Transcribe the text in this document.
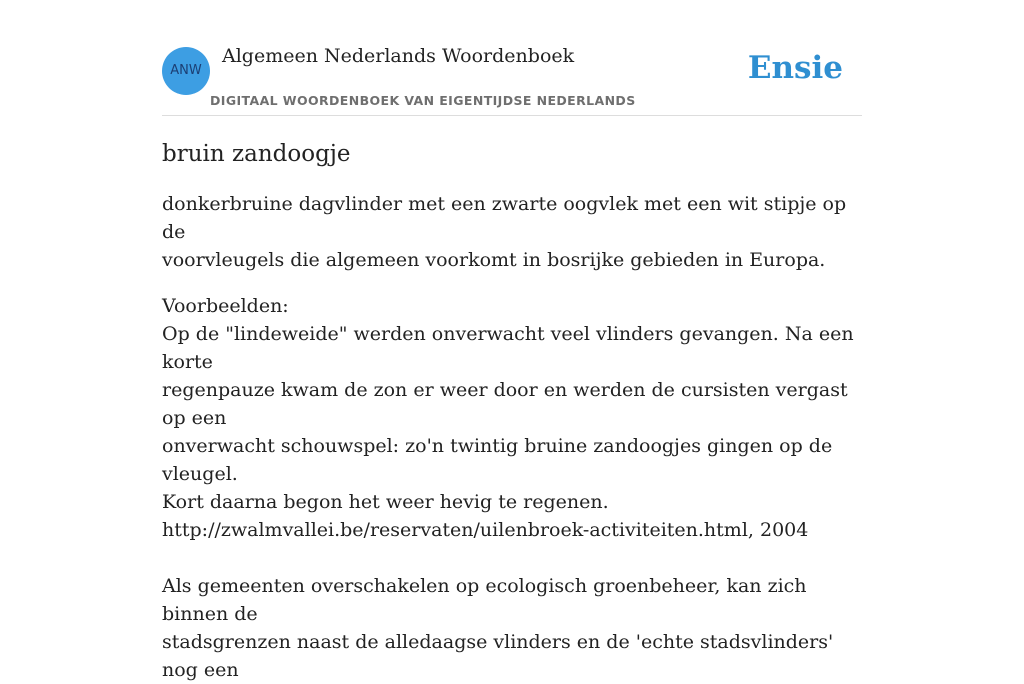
ANW
Algemeen Nederlands Woordenboek
DIGITAAL WOORDENBOEK VAN EIGENTIJDSE NEDERLANDS
Ensie
bruin zandoogje
donkerbruine dagvlinder met een zwarte oogvlek met een wit stipje op de
voorvleugels die algemeen voorkomt in bosrijke gebieden in Europa.
Voorbeelden:
Op de "lindeweide" werden onverwacht veel vlinders gevangen. Na een korte
regenpauze kwam de zon er weer door en werden de cursisten vergast op een
onverwacht schouwspel: zo'n twintig bruine zandoogjes gingen op de vleugel.
Kort daarna begon het weer hevig te regenen.
http://zwalmvallei.be/reservaten/uilenbroek-activiteiten.html, 2004
Als gemeenten overschakelen op ecologisch groenbeheer, kan zich binnen de
stadsgrenzen naast de alledaagse vlinders en de 'echte stadsvlinders' nog een
